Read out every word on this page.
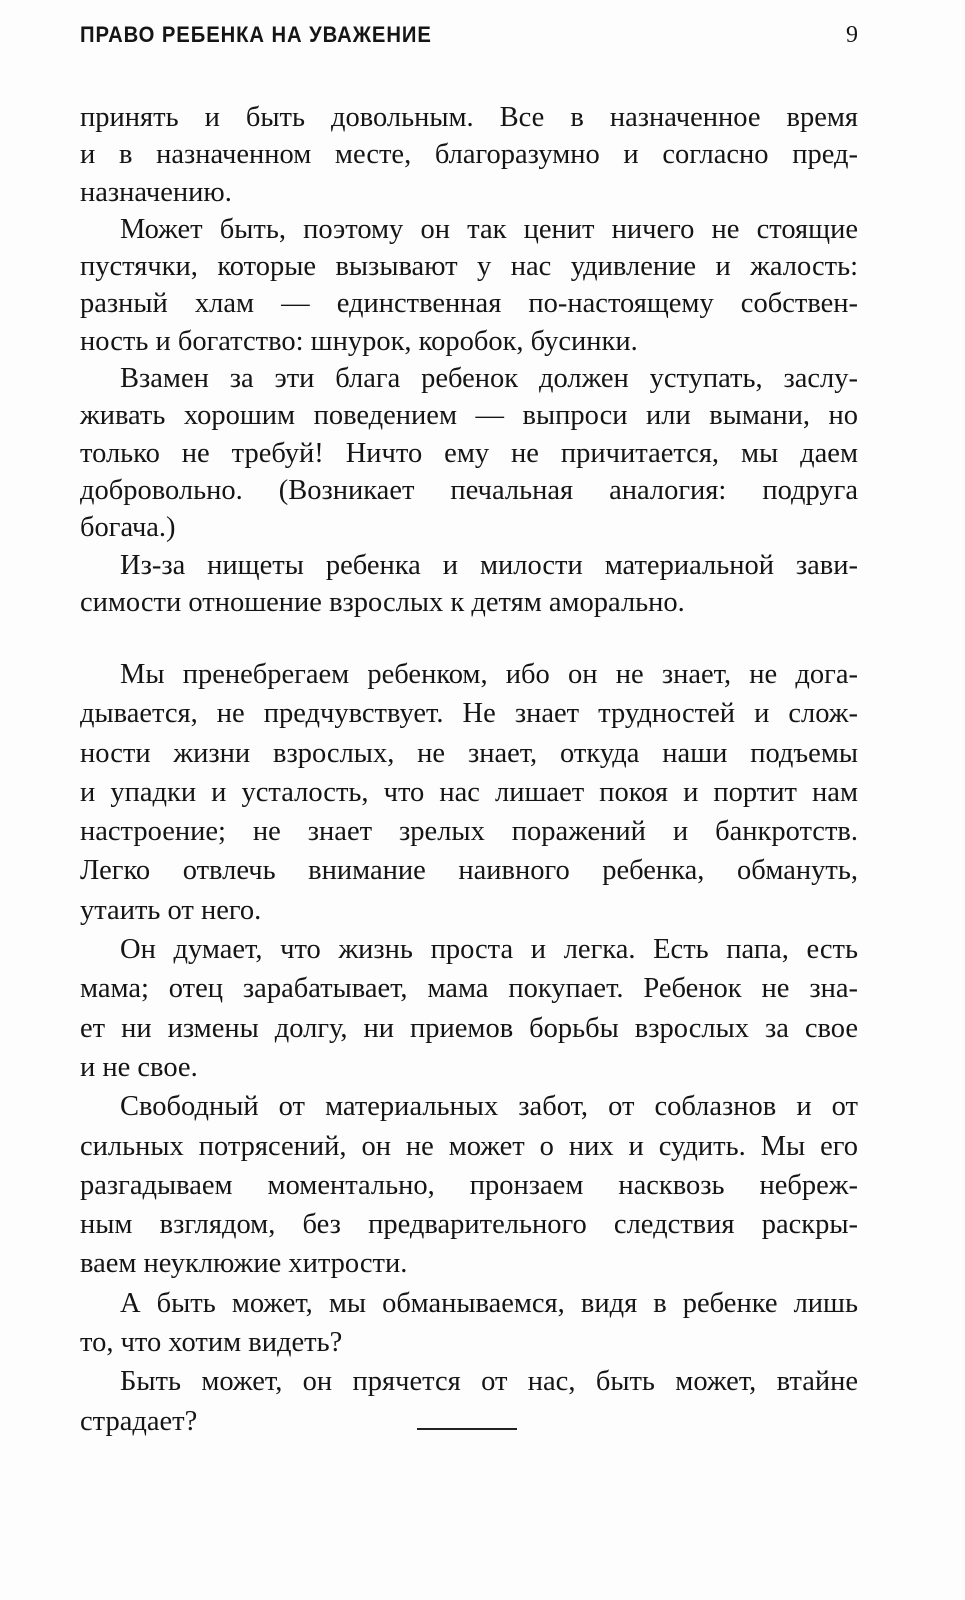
ПРАВО РЕБЕНКА НА УВАЖЕНИЕ	9
принять и быть довольным. Все в назначенное время
и в назначенном месте, благоразумно и согласно пред-
назначению.
Может быть, поэтому он так ценит ничего не стоящие
пустячки, которые вызывают у нас удивление и жалость:
разный хлам — единственная по-настоящему собствен-
ность и богатство: шнурок, коробок, бусинки.
Взамен за эти блага ребенок должен уступать, заслу-
живать хорошим поведением — выпроси или вымани, но
только не требуй! Ничто ему не причитается, мы даем
добровольно. (Возникает печальная аналогия: подруга
богача.)
Из-за нищеты ребенка и милости материальной зави-
симости отношение взрослых к детям аморально.
Мы пренебрегаем ребенком, ибо он не знает, не дога-
дывается, не предчувствует. Не знает трудностей и слож-
ности жизни взрослых, не знает, откуда наши подъемы
и упадки и усталость, что нас лишает покоя и портит нам
настроение; не знает зрелых поражений и банкротств.
Легко отвлечь внимание наивного ребенка, обмануть,
утаить от него.
Он думает, что жизнь проста и легка. Есть папа, есть
мама; отец зарабатывает, мама покупает. Ребенок не зна-
ет ни измены долгу, ни приемов борьбы взрослых за свое
и не свое.
Свободный от материальных забот, от соблазнов и от
сильных потрясений, он не может о них и судить. Мы его
разгадываем моментально, пронзаем насквозь небреж-
ным взглядом, без предварительного следствия раскры-
ваем неуклюжие хитрости.
А быть может, мы обманываемся, видя в ребенке лишь
то, что хотим видеть?
Быть может, он прячется от нас, быть может, втайне
страдает?
